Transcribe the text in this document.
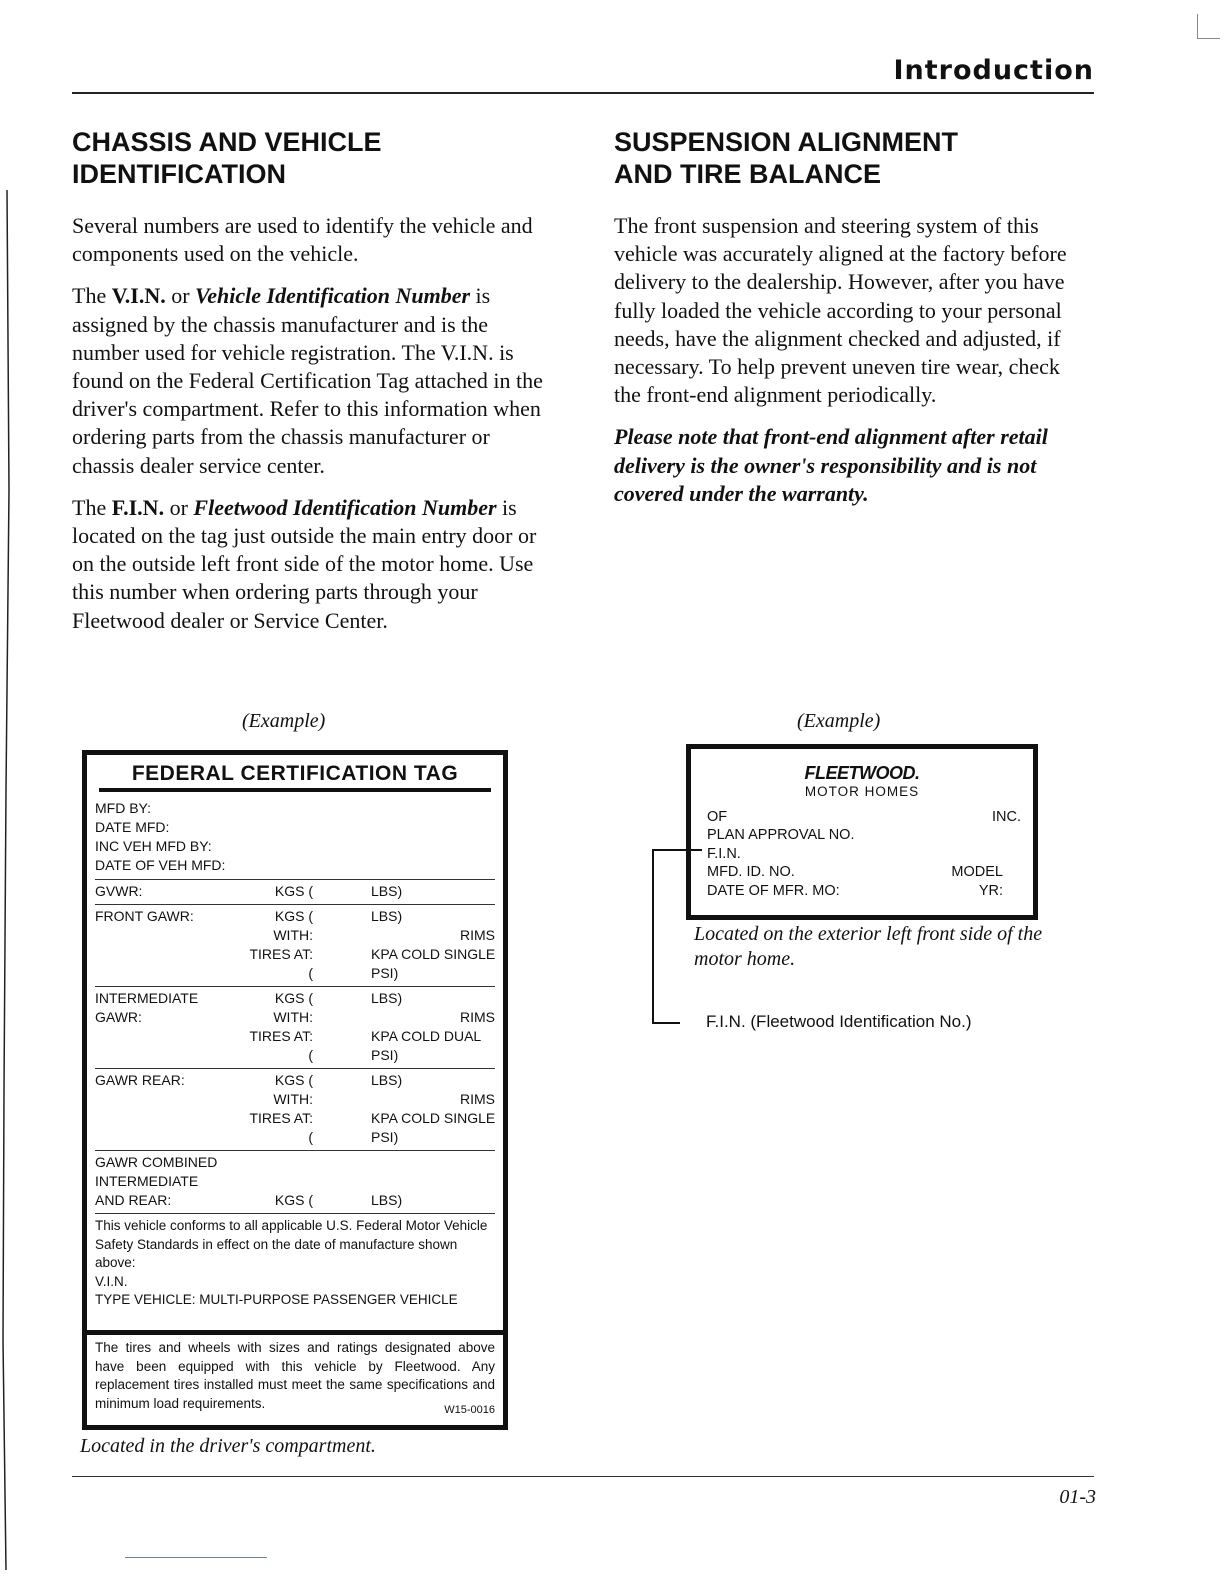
Introduction
CHASSIS AND VEHICLE
IDENTIFICATION

Several numbers are used to identify the vehicle and components used on the vehicle.

The V.I.N. or Vehicle Identification Number is assigned by the chassis manufacturer and is the number used for vehicle registration. The V.I.N. is found on the Federal Certification Tag attached in the driver's compartment. Refer to this information when ordering parts from the chassis manufacturer or chassis dealer service center.

The F.I.N. or Fleetwood Identification Number is located on the tag just outside the main entry door or on the outside left front side of the motor home. Use this number when ordering parts through your Fleetwood dealer or Service Center.

SUSPENSION ALIGNMENT
AND TIRE BALANCE

The front suspension and steering system of this vehicle was accurately aligned at the factory before delivery to the dealership. However, after you have fully loaded the vehicle according to your personal needs, have the alignment checked and adjusted, if necessary. To help prevent uneven tire wear, check the front-end alignment periodically.

Please note that front-end alignment after retail delivery is the owner's responsibility and is not covered under the warranty.

(Example)	(Example)
FEDERAL CERTIFICATION TAG
MFD BY:
DATE MFD:
INC VEH MFD BY:
DATE OF VEH MFD:
GVWR:	KGS (	LBS)
FRONT GAWR:	KGS (	LBS)
WITH:	RIMS
TIRES AT:	KPA COLD SINGLE
(	PSI)
INTERMEDIATE	KGS (	LBS)
GAWR:	WITH:	RIMS
TIRES AT:	KPA COLD DUAL
(	PSI)
GAWR REAR:	KGS (	LBS)
WITH:	RIMS
TIRES AT:	KPA COLD SINGLE
(	PSI)
GAWR COMBINED
INTERMEDIATE
AND REAR:	KGS (	LBS)
This vehicle conforms to all applicable U.S. Federal Motor Vehicle Safety Standards in effect on the date of manufacture shown above:
V.I.N.
TYPE VEHICLE: MULTI-PURPOSE PASSENGER VEHICLE
The tires and wheels with sizes and ratings designated above have been equipped with this vehicle by Fleetwood. Any replacement tires installed must meet the same specifications and minimum load requirements.	W15-0016
Located in the driver's compartment.
FLEETWOOD.
MOTOR HOMES
OF	INC.
PLAN APPROVAL NO.
F.I.N.
MFD. ID. NO.	MODEL
DATE OF MFR. MO:	YR:
Located on the exterior left front side of the motor home.
F.I.N. (Fleetwood Identification No.)
01-3
